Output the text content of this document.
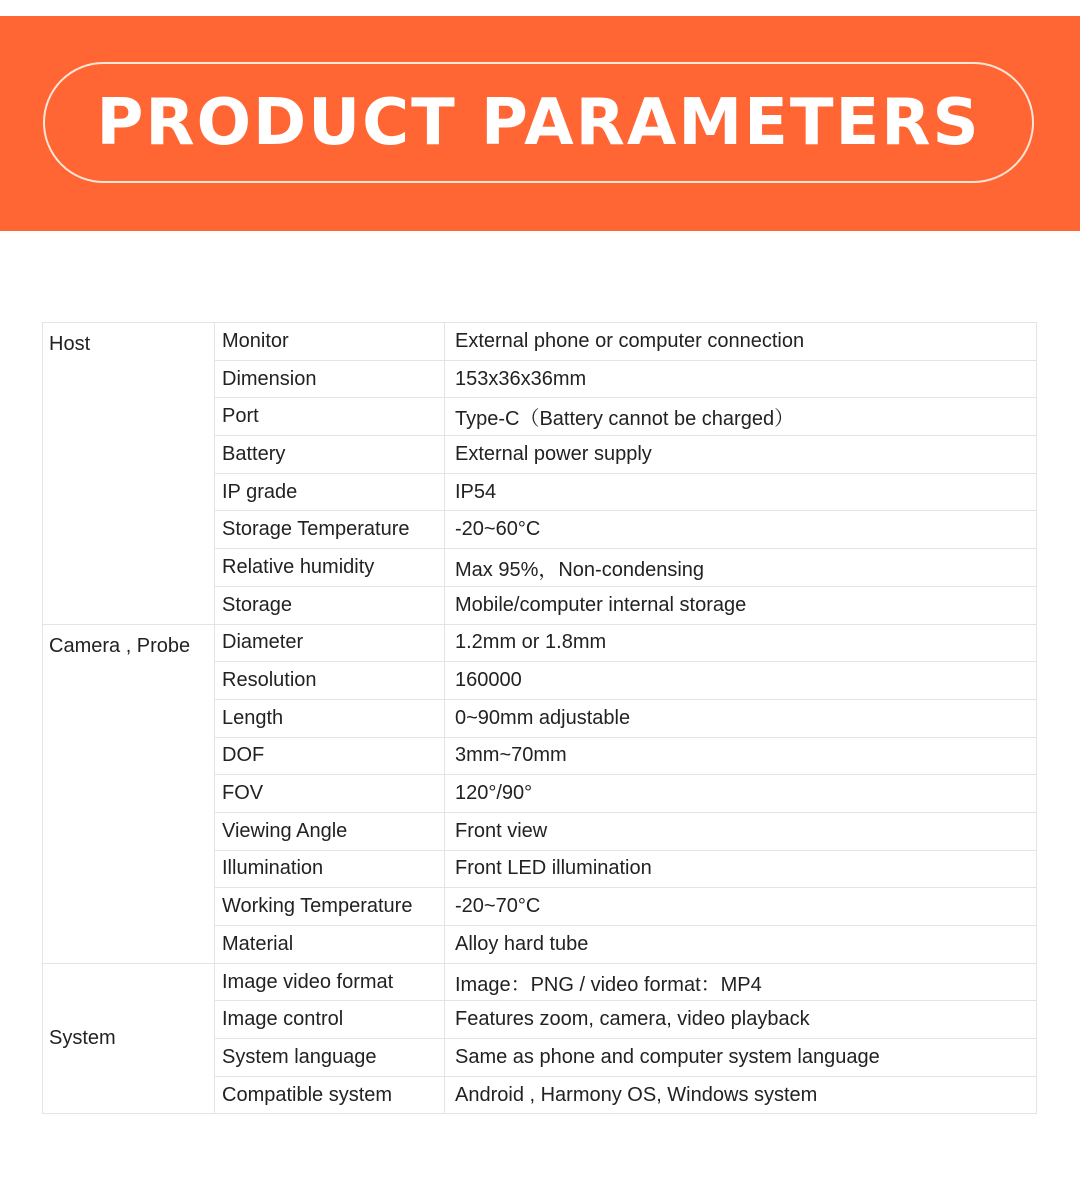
PRODUCT PARAMETERS
Host	Monitor	External phone or computer connection
	Dimension	153x36x36mm
	Port	Type-C（Battery cannot be charged）
	Battery	External power supply
	IP grade	IP54
	Storage Temperature	-20~60°C
	Relative humidity	Max 95%，Non-condensing
	Storage	Mobile/computer internal storage
Camera , Probe	Diameter	1.2mm or 1.8mm
	Resolution	160000
	Length	0~90mm adjustable
	DOF	3mm~70mm
	FOV	120°/90°
	Viewing Angle	Front view
	Illumination	Front LED illumination
	Working Temperature	-20~70°C
	Material	Alloy hard tube
System	Image video format	Image：PNG / video format：MP4
	Image control	Features zoom, camera, video playback
	System language	Same as phone and computer system language
	Compatible system	Android , Harmony OS, Windows system
